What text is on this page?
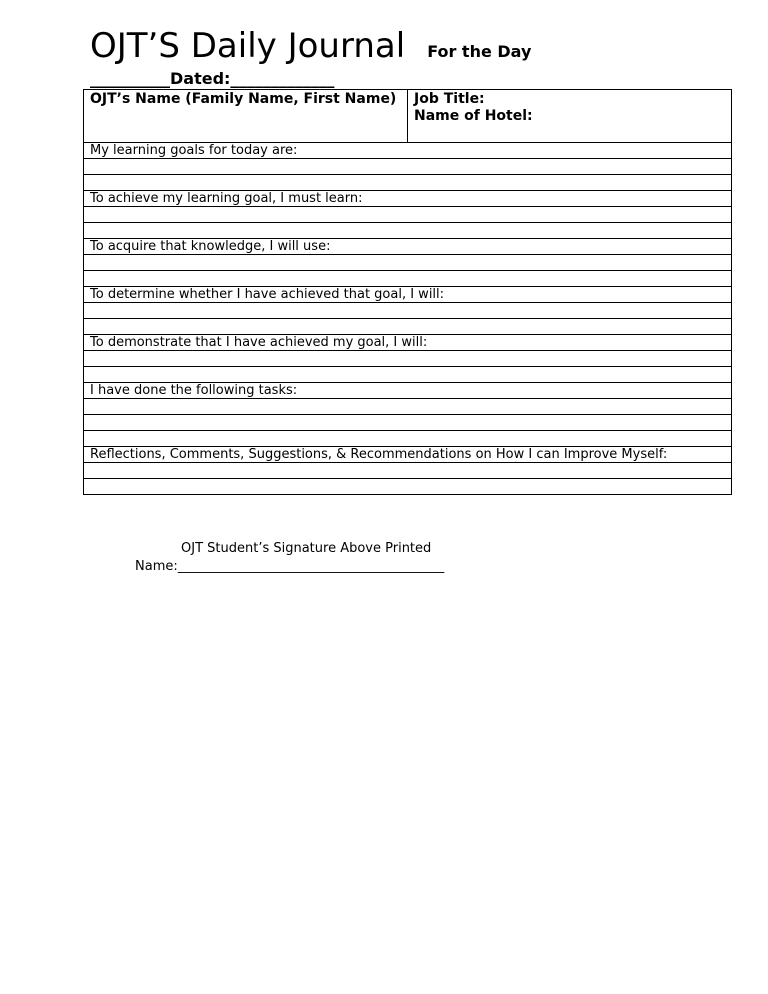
OJT’S Daily Journal For the Day
__________Dated:_____________
OJT’s Name (Family Name, First Name)	Job Title:
Name of Hotel:

My learning goals for today are:

To achieve my learning goal, I must learn:

To acquire that knowledge, I will use:

To determine whether I have achieved that goal, I will:

To demonstrate that I have achieved my goal, I will:

I have done the following tasks:

Reflections, Comments, Suggestions, & Recommendations on How I can Improve Myself:

OJT Student’s Signature Above Printed
Name:_________________________________________
